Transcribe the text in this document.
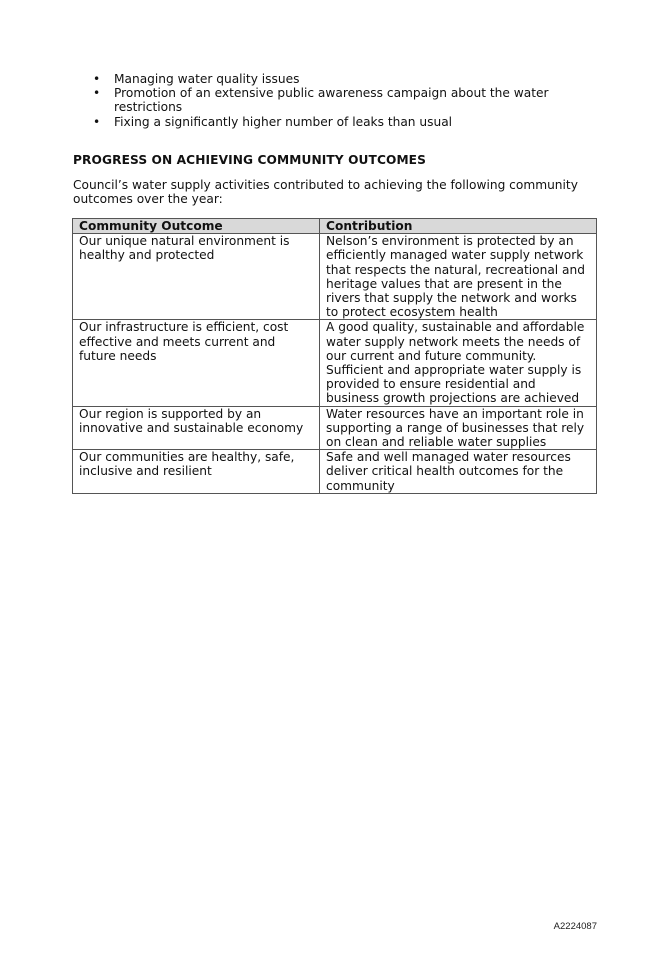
• Managing water quality issues
• Promotion of an extensive public awareness campaign about the water restrictions
• Fixing a significantly higher number of leaks than usual
PROGRESS ON ACHIEVING COMMUNITY OUTCOMES

Council’s water supply activities contributed to achieving the following community outcomes over the year:

Community Outcome	Contribution
Our unique natural environment is healthy and protected	Nelson’s environment is protected by an efficiently managed water supply network that respects the natural, recreational and heritage values that are present in the rivers that supply the network and works to protect ecosystem health
Our infrastructure is efficient, cost effective and meets current and future needs	A good quality, sustainable and affordable water supply network meets the needs of our current and future community. Sufficient and appropriate water supply is provided to ensure residential and business growth projections are achieved
Our region is supported by an innovative and sustainable economy	Water resources have an important role in supporting a range of businesses that rely on clean and reliable water supplies
Our communities are healthy, safe, inclusive and resilient	Safe and well managed water resources deliver critical health outcomes for the community
A2224087
